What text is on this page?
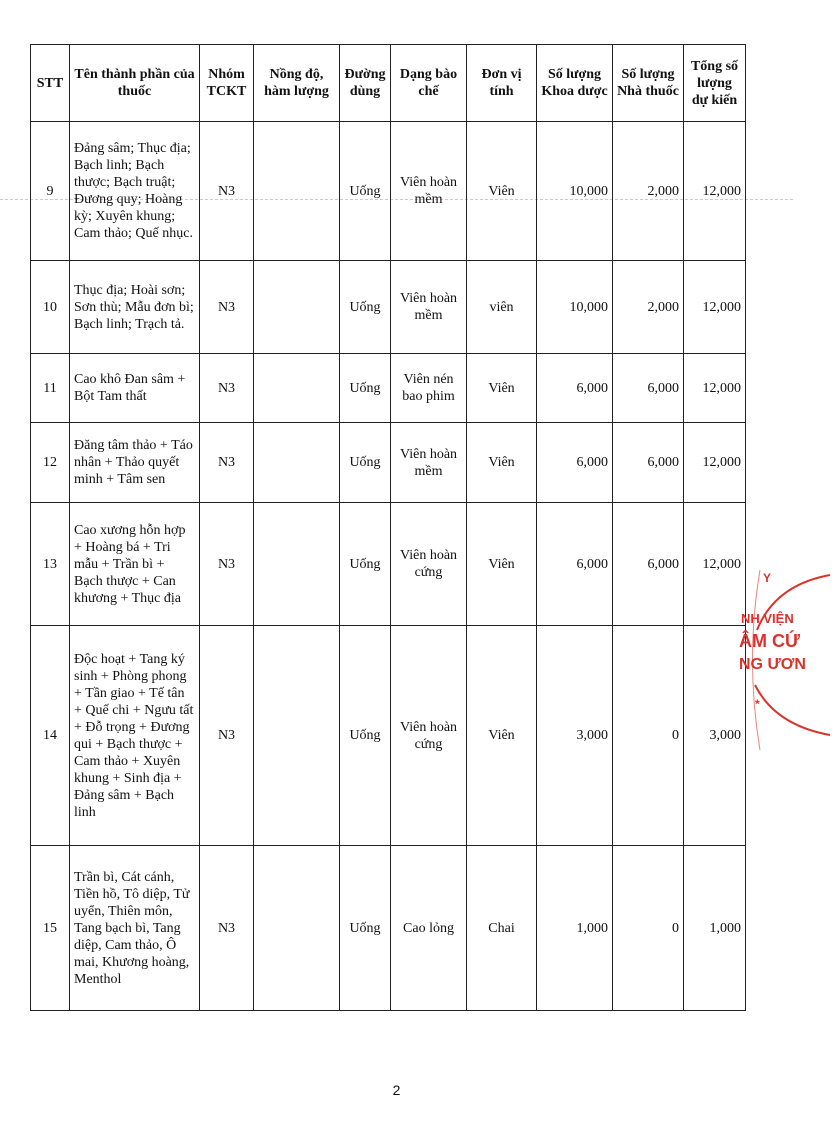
STT	Tên thành phần của thuốc	Nhóm TCKT	Nồng độ, hàm lượng	Đường dùng	Dạng bào chế	Đơn vị tính	Số lượng Khoa dược	Số lượng Nhà thuốc	Tổng số lượng dự kiến
9	Đảng sâm; Thục địa; Bạch linh; Bạch thược; Bạch truật; Đương quy; Hoàng kỳ; Xuyên khung; Cam thảo; Quế nhục.	N3		Uống	Viên hoàn mềm	Viên	10,000	2,000	12,000
10	Thục địa; Hoài sơn; Sơn thù; Mẫu đơn bì; Bạch linh; Trạch tả.	N3		Uống	Viên hoàn mềm	viên	10,000	2,000	12,000
11	Cao khô Đan sâm + Bột Tam thất	N3		Uống	Viên nén bao phim	Viên	6,000	6,000	12,000
12	Đăng tâm thảo + Táo nhân + Thảo quyết minh + Tâm sen	N3		Uống	Viên hoàn mềm	Viên	6,000	6,000	12,000
13	Cao xương hỗn hợp + Hoàng bá + Tri mẫu + Trần bì + Bạch thược + Can khương + Thục địa	N3		Uống	Viên hoàn cứng	Viên	6,000	6,000	12,000
14	Độc hoạt + Tang ký sinh + Phòng phong + Tần giao + Tế tân + Quế chi + Ngưu tất + Đỗ trọng + Đương qui + Bạch thược + Cam thảo + Xuyên khung + Sinh địa + Đảng sâm + Bạch linh	N3		Uống	Viên hoàn cứng	Viên	3,000	0	3,000
15	Trần bì, Cát cánh, Tiền hồ, Tô diệp, Tử uyển, Thiên môn, Tang bạch bì, Tang diệp, Cam thảo, Ô mai, Khương hoàng, Menthol	N3		Uống	Cao lỏng	Chai	1,000	0	1,000
Y
NH VIỆN
ÂM CỨ
NG ƯƠN
*
2
